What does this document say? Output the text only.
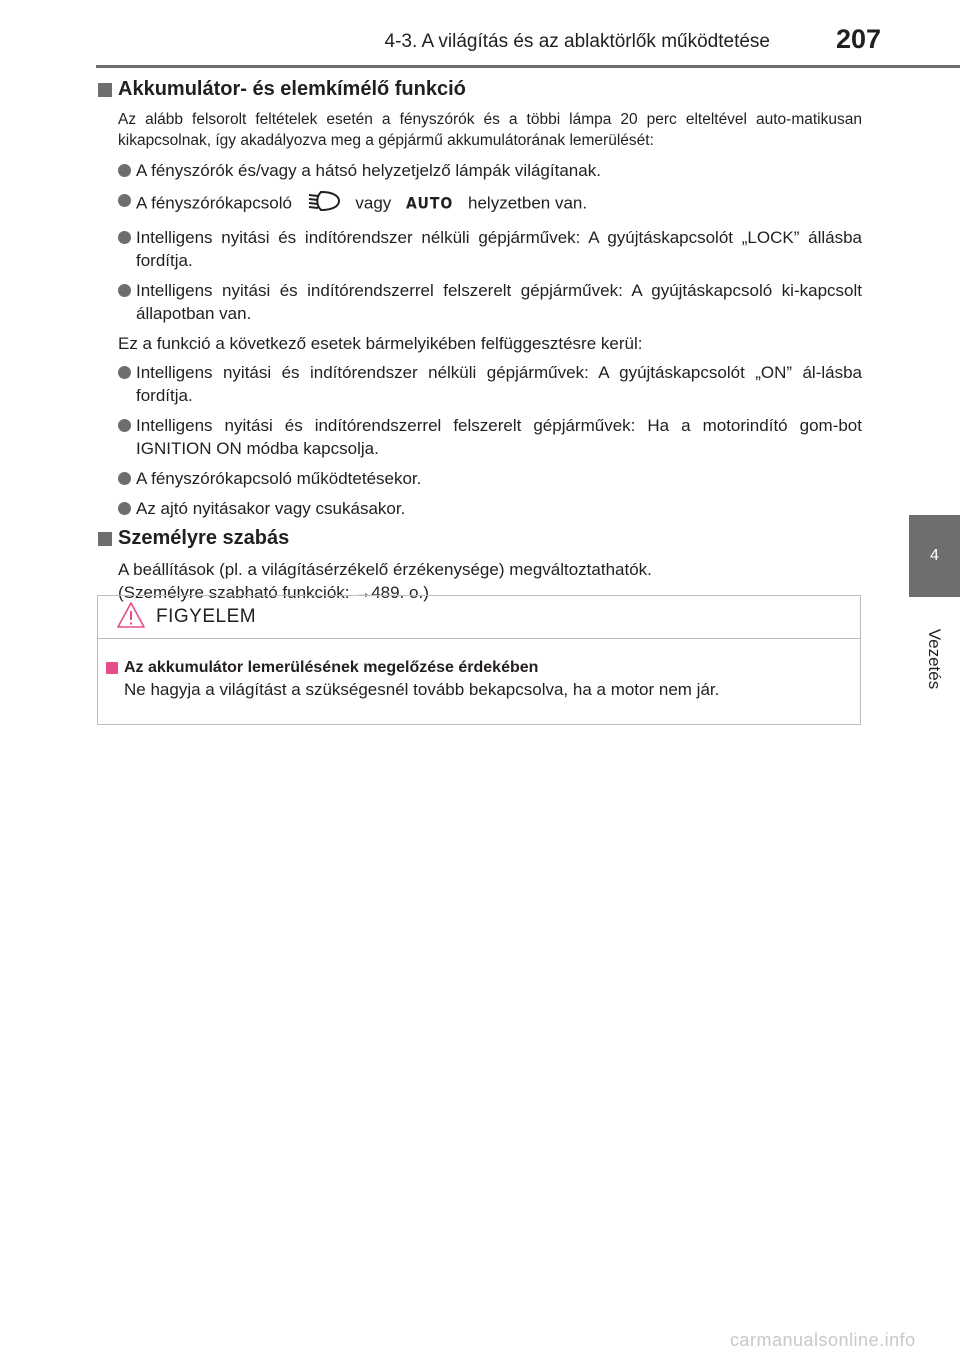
4-3. A világítás és az ablaktörlők működtetése 207
4
Vezetés
Akkumulátor- és elemkímélő funkció

Az alább felsorolt feltételek esetén a fényszórók és a többi lámpa 20 perc elteltével auto-matikusan kikapcsolnak, így akadályozva meg a gépjármű akkumulátorának lemerülését:

A fényszórók és/vagy a hátsó helyzetjelző lámpák világítanak.
A fényszórókapcsoló	vagy AUTO helyzetben van.
Intelligens nyitási és indítórendszer nélküli gépjárművek: A gyújtáskapcsolót „LOCK” állásba fordítja.
Intelligens nyitási és indítórendszerrel felszerelt gépjárművek: A gyújtáskapcsoló ki-kapcsolt állapotban van.

Ez a funkció a következő esetek bármelyikében felfüggesztésre kerül:

Intelligens nyitási és indítórendszer nélküli gépjárművek: A gyújtáskapcsolót „ON” ál-lásba fordítja.
Intelligens nyitási és indítórendszerrel felszerelt gépjárművek: Ha a motorindító gom-bot IGNITION ON módba kapcsolja.
A fényszórókapcsoló működtetésekor.
Az ajtó nyitásakor vagy csukásakor.
Személyre szabás

A beállítások (pl. a világításérzékelő érzékenysége) megváltoztathatók.

(Személyre szabható funkciók: →489. o.)

FIGYELEM
Az akkumulátor lemerülésének megelőzése érdekében
Ne hagyja a világítást a szükségesnél tovább bekapcsolva, ha a motor nem jár.
carmanualsonline.info
